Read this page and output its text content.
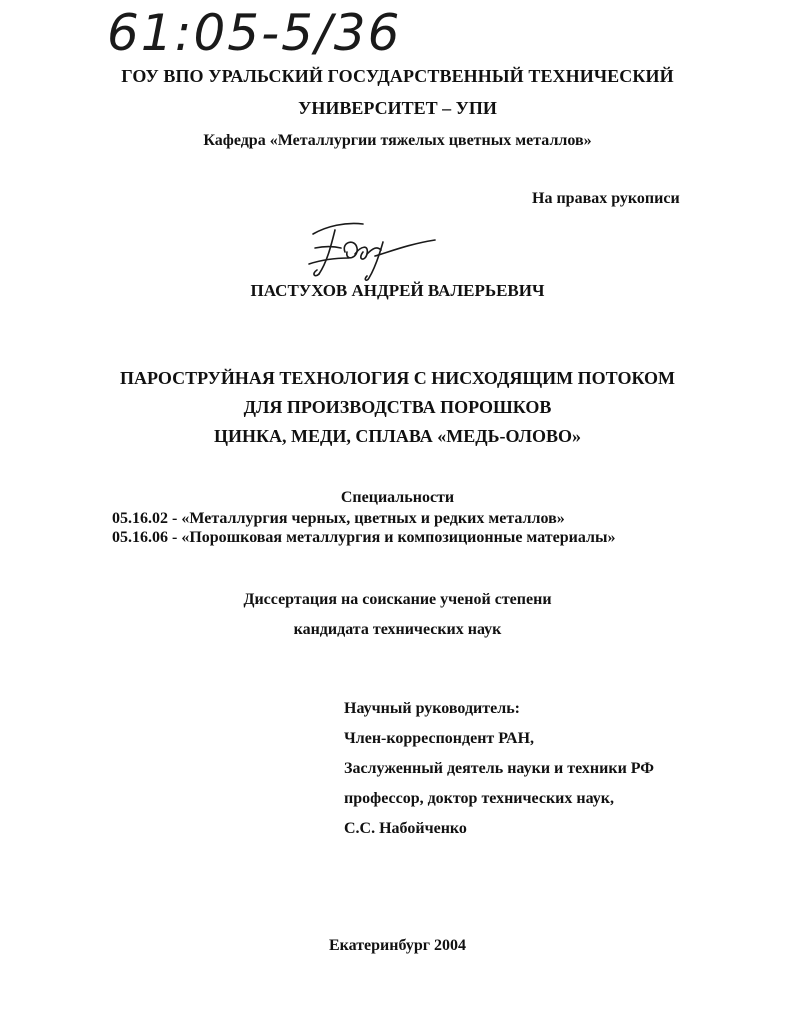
61:05-5/36
ГОУ ВПО УРАЛЬСКИЙ ГОСУДАРСТВЕННЫЙ ТЕХНИЧЕСКИЙ
УНИВЕРСИТЕТ – УПИ
Кафедра «Металлургии тяжелых цветных металлов»
На правах рукописи
ПАСТУХОВ АНДРЕЙ ВАЛЕРЬЕВИЧ
ПАРОСТРУЙНАЯ ТЕХНОЛОГИЯ С НИСХОДЯЩИМ ПОТОКОМ
ДЛЯ ПРОИЗВОДСТВА ПОРОШКОВ
ЦИНКА, МЕДИ, СПЛАВА «МЕДЬ-ОЛОВО»
Специальности
05.16.02 - «Металлургия черных, цветных и редких металлов»
05.16.06 - «Порошковая металлургия и композиционные материалы»
Диссертация на соискание ученой степени
кандидата технических наук
Научный руководитель:
Член-корреспондент РАН,
Заслуженный деятель науки и техники РФ
профессор, доктор технических наук,
С.С. Набойченко
Екатеринбург 2004
